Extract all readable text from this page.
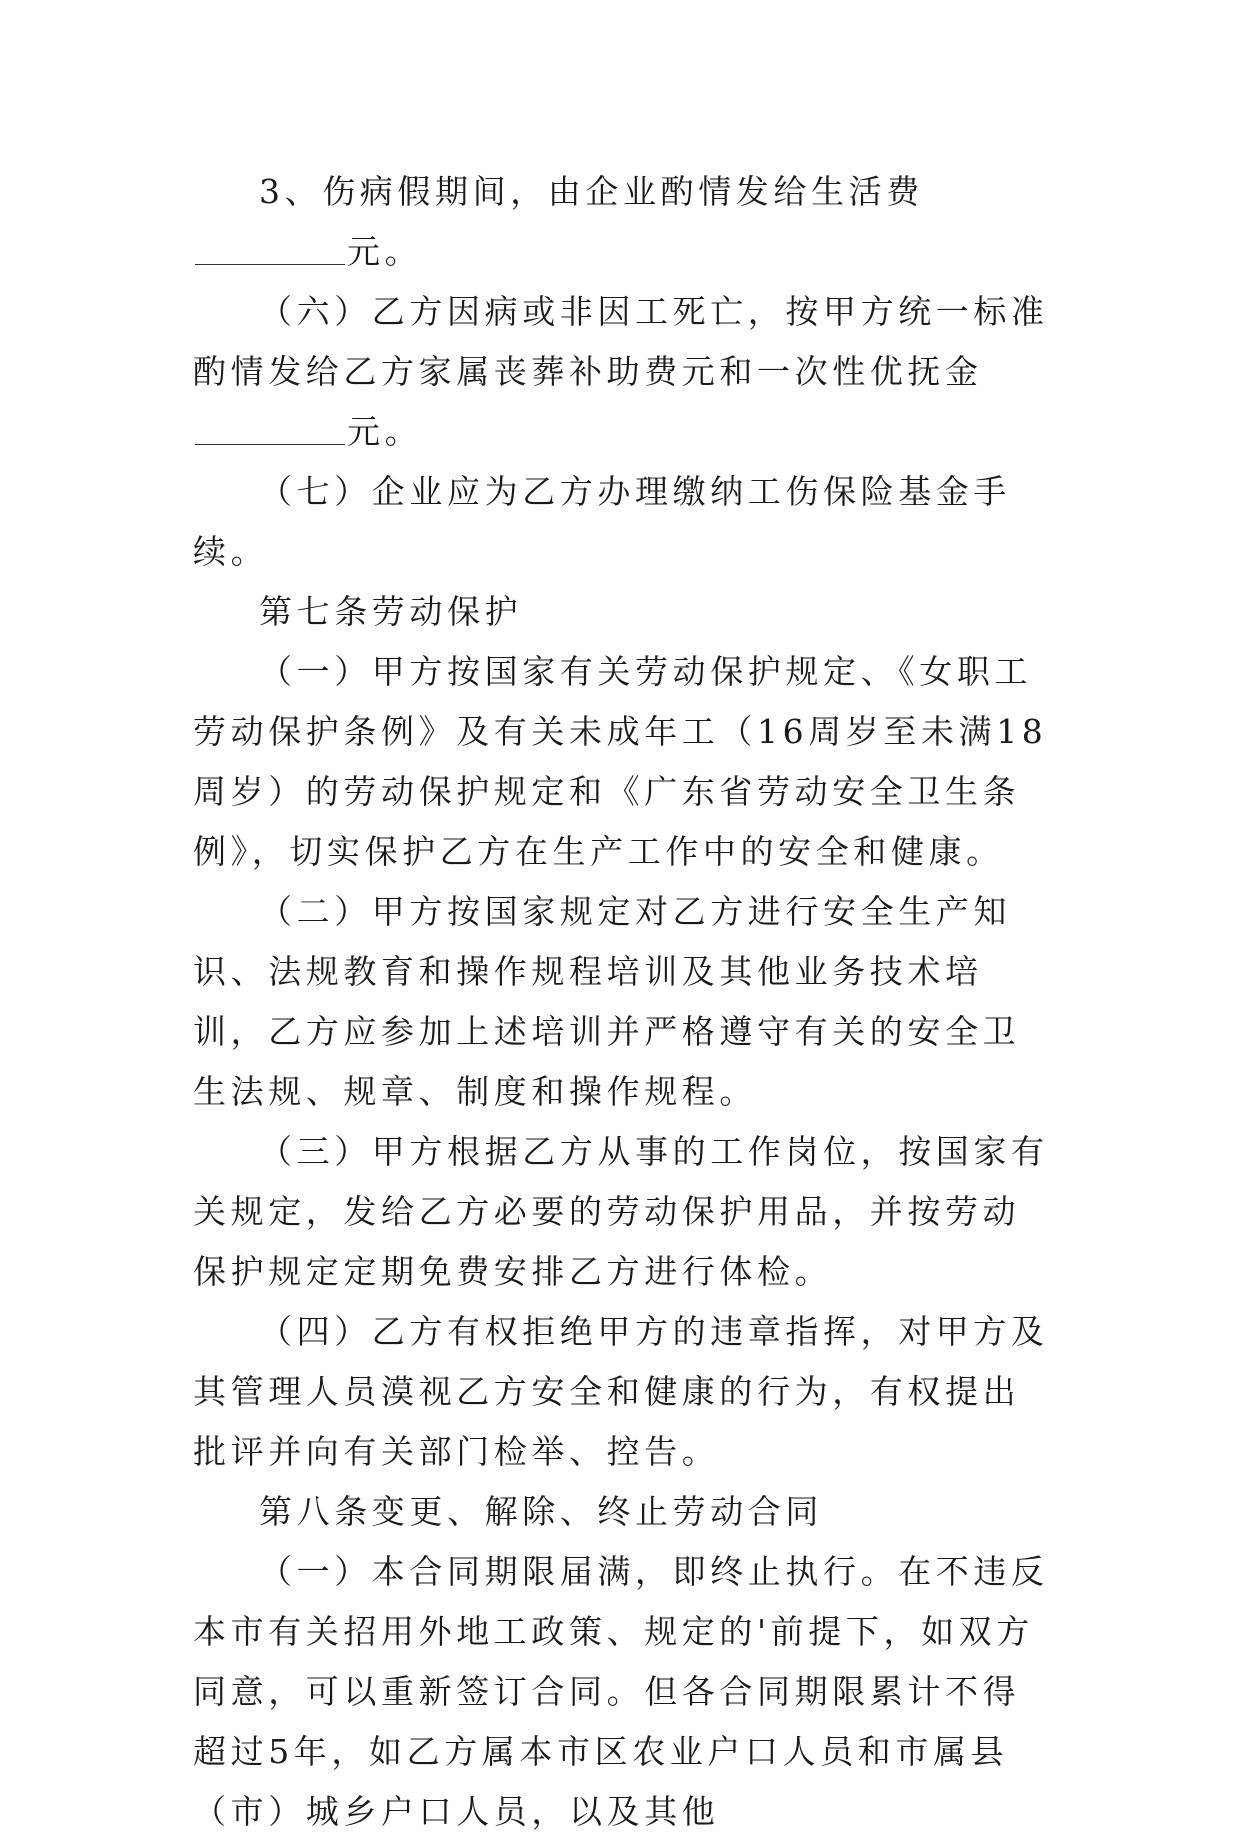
3、伤病假期间，由企业酌情发给生活费元。

（六）乙方因病或非因工死亡，按甲方统一标准酌情发给乙方家属丧葬补助费元和一次性优抚金元。

（七）企业应为乙方办理缴纳工伤保险基金手续。

第七条劳动保护

（一）甲方按国家有关劳动保护规定、《女职工劳动保护条例》及有关未成年工（16周岁至未满18周岁）的劳动保护规定和《广东省劳动安全卫生条例》，切实保护乙方在生产工作中的安全和健康。

（二）甲方按国家规定对乙方进行安全生产知识、法规教育和操作规程培训及其他业务技术培训，乙方应参加上述培训并严格遵守有关的安全卫生法规、规章、制度和操作规程。

（三）甲方根据乙方从事的工作岗位，按国家有关规定，发给乙方必要的劳动保护用品，并按劳动保护规定定期免费安排乙方进行体检。

（四）乙方有权拒绝甲方的违章指挥，对甲方及其管理人员漠视乙方安全和健康的行为，有权提出批评并向有关部门检举、控告。

第八条变更、解除、终止劳动合同

（一）本合同期限届满，即终止执行。在不违反本市有关招用外地工政策、规定的'前提下，如双方同意，可以重新签订合同。但各合同期限累计不得超过5年，如乙方属本市区农业户口人员和市属县（市）城乡户口人员，以及其他
